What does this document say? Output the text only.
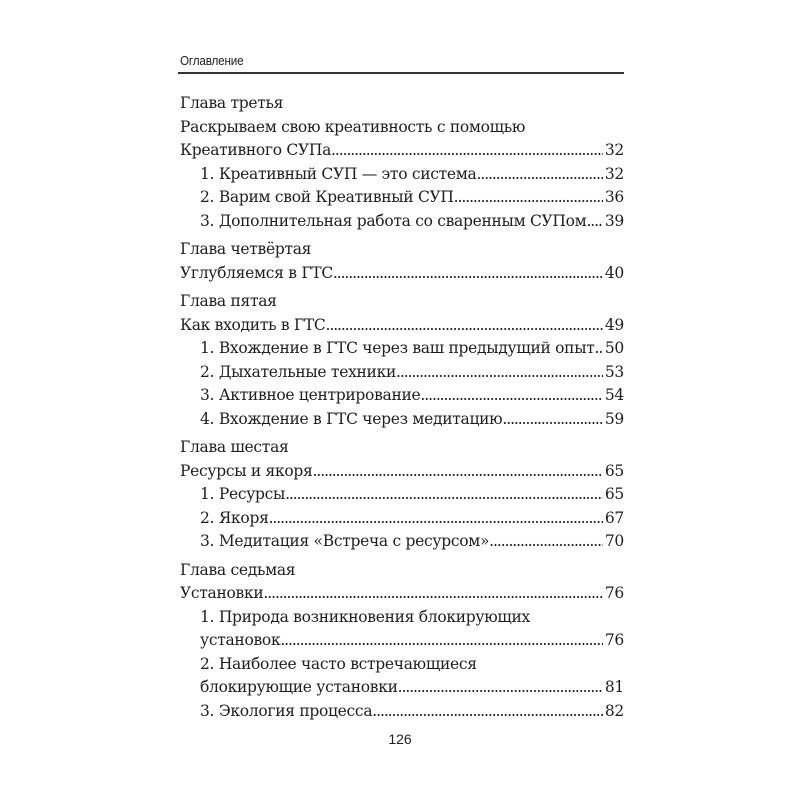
Оглавление
Глава третья
Раскрываем свою креативность с помощью
Креативного СУПа . . .	32
1. Креативный СУП — это система . . .	32
2. Варим свой Креативный СУП . . .	36
3. Дополнительная работа со сваренным СУПом . . . 39
Глава четвёртая
Углубляемся в ГТС . . .	40
Глава пятая
Как входить в ГТС . . .	49
1. Вхождение в ГТС через ваш предыдущий опыт . . . 50
2. Дыхательные техники . . .	53
3. Активное центрирование . . .	54
4. Вхождение в ГТС через медитацию . . .	59
Глава шестая
Ресурсы и якоря . . .	65
1. Ресурсы . . .	65
2. Якоря . . .	67
3. Медитация «Встреча с ресурсом» . . .	70
Глава седьмая
Установки . . .	76
1. Природа возникновения блокирующих
установок . . .	76
2. Наиболее часто встречающиеся
блокирующие установки . . .	81
3. Экология процесса . . .	82
126
